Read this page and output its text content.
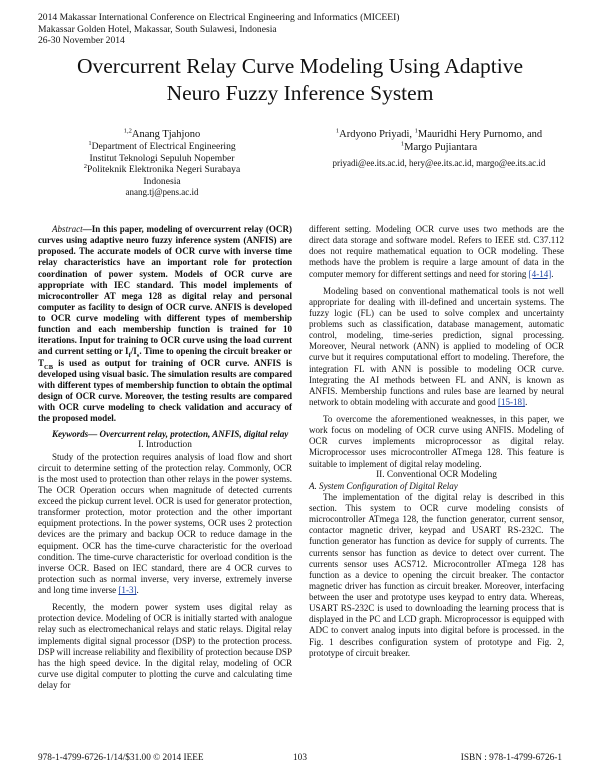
2014 Makassar International Conference on Electrical Engineering and Informatics (MICEEI)
Makassar Golden Hotel, Makassar, South Sulawesi, Indonesia
26-30 November 2014
Overcurrent Relay Curve Modeling Using Adaptive
Neuro Fuzzy Inference System
$^{1,2}$Anang Tjahjono
$^1$Department of Electrical Engineering
Institut Teknologi Sepuluh Nopember
$^2$Politeknik Elektronika Negeri Surabaya
Indonesia
anang.tj@pens.ac.id
$^1$Ardyono Priyadi, $^1$Mauridhi Hery Purnomo, and
$^1$Margo Pujiantara
priyadi@ee.its.ac.id, hery@ee.its.ac.id, margo@ee.its.ac.id

Abstract—In this paper, modeling of overcurrent relay (OCR) curves using adaptive neuro fuzzy inference system (ANFIS) are proposed. The accurate models of OCR curve with inverse time relay characteristics have an important role for protection coordination of power system. Models of OCR curve are appropriate with IEC standard. This model implements of microcontroller AT mega 128 as digital relay and personal computer as facility to design of OCR curve. ANFIS is developed to OCR curve modeling with different types of membership function and each membership function is trained for 10 iterations. Input for training to OCR curve using the load current and current setting or $I_f/I_s$. Time to opening the circuit breaker or $T_{CB}$ is used as output for training of OCR curve. ANFIS is developed using visual basic. The simulation results are compared with different types of membership function to obtain the optimal design of OCR curve. Moreover, the testing results are compared with OCR curve modeling to check validation and accuracy of the proposed model.

Keywords— Overcurrent relay, protection, ANFIS, digital relay

I. Introduction

Study of the protection requires analysis of load flow and short circuit to determine setting of the protection relay. Commonly, OCR is the most used to protection than other relays in the power systems. The OCR Operation occurs when magnitude of detected currents exceed the pickup current level. OCR is used for generator protection, transformer protection, motor protection and the other important equipment protections. In the power systems, OCR uses 2 protection devices are the primary and backup OCR to reduce damage in the equipment. OCR has the time-curve characteristic for the overload condition. The time-curve characteristic for overload condition is the inverse OCR. Based on IEC standard, there are 4 OCR curves to protection such as normal inverse, very inverse, extremely inverse and long time inverse [1-3].

Recently, the modern power system uses digital relay as protection device. Modeling of OCR is initially started with analogue relay such as electromechanical relays and static relays. Digital relay implements digital signal processor (DSP) to the protection process. DSP will increase reliability and flexibility of protection because DSP has the high speed device. In the digital relay, modeling of OCR curve use digital computer to plotting the curve and calculating time delay for

different setting. Modeling OCR curve uses two methods are the direct data storage and software model. Refers to IEEE std. C37.112 does not require mathematical equation to OCR modeling. These methods have the problem is require a large amount of data in the computer memory for different settings and need for storing [4-14].

Modeling based on conventional mathematical tools is not well appropriate for dealing with ill-defined and uncertain systems. The fuzzy logic (FL) can be used to solve complex and uncertainty problems such as classification, database management, automatic control, modeling, time-series prediction, signal processing. Moreover, Neural network (ANN) is applied to modeling of OCR curve but it requires computational effort to modeling. Therefore, the integration FL with ANN is possible to modeling OCR curve. Integrating the AI methods between FL and ANN, is known as ANFIS. Membership functions and rules base are learned by neural network to obtain modeling with accurate and good [15-18].

To overcome the aforementioned weaknesses, in this paper, we work focus on modeling of OCR curve using ANFIS. Modeling of OCR curves implements microprocessor as digital relay. Microprocessor uses microcontroller ATmega 128. This feature is suitable to implement of digital relay modeling.

II. Conventional OCR Modeling

A. System Configuration of Digital Relay

The implementation of the digital relay is described in this section. This system to OCR curve modeling consists of microcontroller ATmega 128, the function generator, current sensor, contactor magnetic driver, keypad and USART RS-232C. The function generator has function as device for supply of currents. The currents sensor has function as device to detect over current. The currents sensor uses ACS712. Microcontroller ATmega 128 has function as a device to opening the circuit breaker. The contactor magnetic driver has function as circuit breaker. Moreover, interfacing between the user and prototype uses keypad to entry data. Whereas, USART RS-232C is used to downloading the learning process that is displayed in the PC and LCD graph. Microprocessor is equipped with ADC to convert analog inputs into digital before is processed. in the Fig. 1 describes configuration system of prototype and Fig. 2, prototype of circuit breaker.

978-1-4799-6726-1/14/$31.00 © 2014 IEEE	103	ISBN : 978-1-4799-6726-1
